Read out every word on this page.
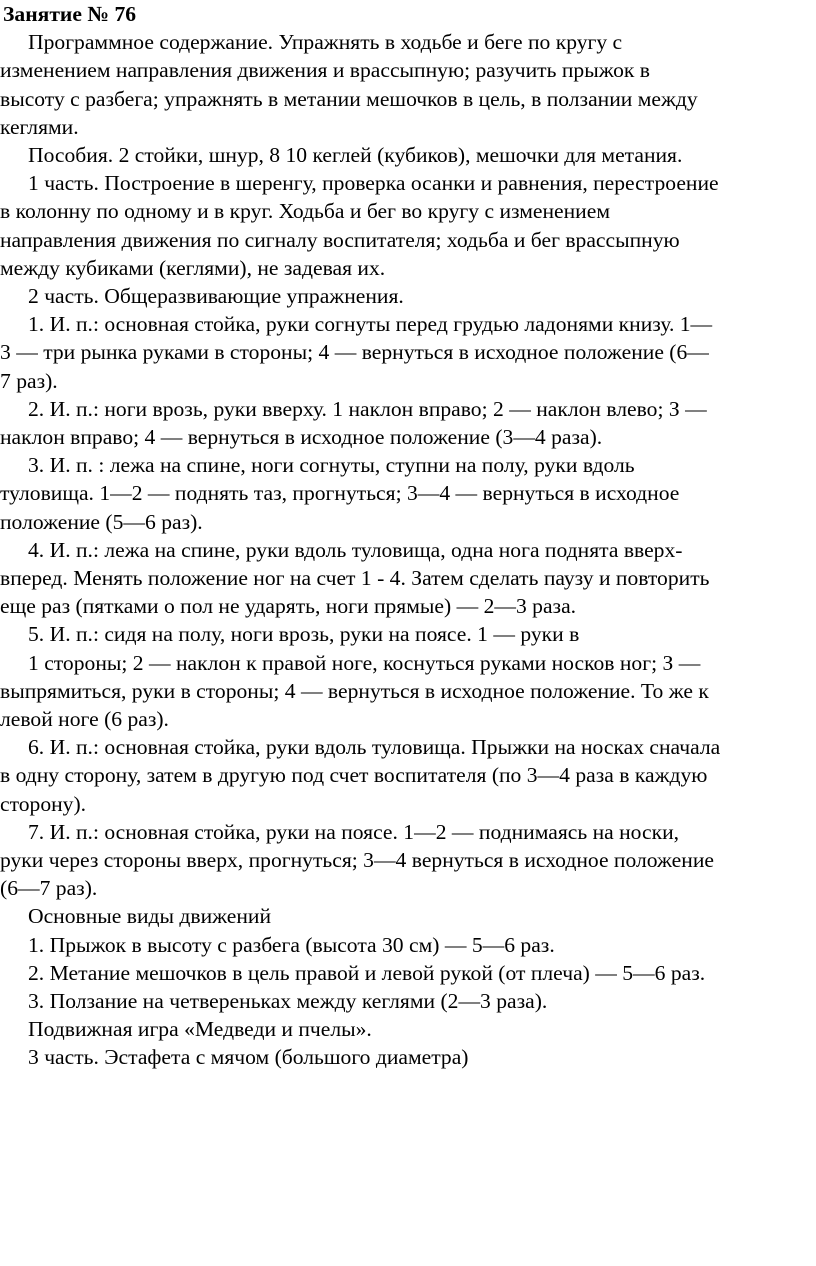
Занятие № 76
Программное содержание. Упражнять в ходьбе и беге по кругу с
изменением направления движения и врассыпную; разучить прыжок в
высоту с разбега; упражнять в метании мешочков в цель, в ползании между
кеглями.
Пособия. 2 стойки, шнур, 8 10 кеглей (кубиков), мешочки для метания.
1 часть. Построение в шеренгу, проверка осанки и равнения, перестроение
в колонну по одному и в круг. Ходьба и бег во кругу с изменением
направления движения по сигналу воспитателя; ходьба и бег врассыпную
между кубиками (кеглями), не задевая их.
2 часть. Общеразвивающие упражнения.
1. И. п.: основная стойка, руки согнуты перед грудью ладонями книзу. 1—
3 — три рынка руками в стороны; 4 — вернуться в исходное положение (6—
7 раз).
2. И. п.: ноги врозь, руки вверху. 1 наклон вправо; 2 — наклон влево; З —
наклон вправо; 4 — вернуться в исходное положение (3—4 раза).
3. И. п. : лежа на спине, ноги согнуты, ступни на полу, руки вдоль
туловища. 1—2 — поднять таз, прогнуться; 3—4 — вернуться в исходное
положение (5—6 раз).
4. И. п.: лежа на спине, руки вдоль туловища, одна нога поднята вверх-
вперед. Менять положение ног на счет 1 - 4. Затем сделать паузу и повторить
еще раз (пятками о пол не ударять, ноги прямые) — 2—3 раза.
5. И. п.: сидя на полу, ноги врозь, руки на поясе. 1 — руки в
1 стороны; 2 — наклон к правой ноге, коснуться руками носков ног; З —
выпрямиться, руки в стороны; 4 — вернуться в исходное положение. То же к
левой ноге (6 раз).
6. И. п.: основная стойка, руки вдоль туловища. Прыжки на носках сначала
в одну сторону, затем в другую под счет воспитателя (по 3—4 раза в каждую
сторону).
7. И. п.: основная стойка, руки на поясе. 1—2 — поднимаясь на носки,
руки через стороны вверх, прогнуться; 3—4 вернуться в исходное положение
(6—7 раз).
Основные виды движений
1. Прыжок в высоту с разбега (высота 30 см) — 5—6 раз.
2. Метание мешочков в цель правой и левой рукой (от плеча) — 5—6 раз.
3. Ползание на четвереньках между кеглями (2—3 раза).
Подвижная игра «Медведи и пчелы».
3 часть. Эстафета с мячом (большого диаметра)
